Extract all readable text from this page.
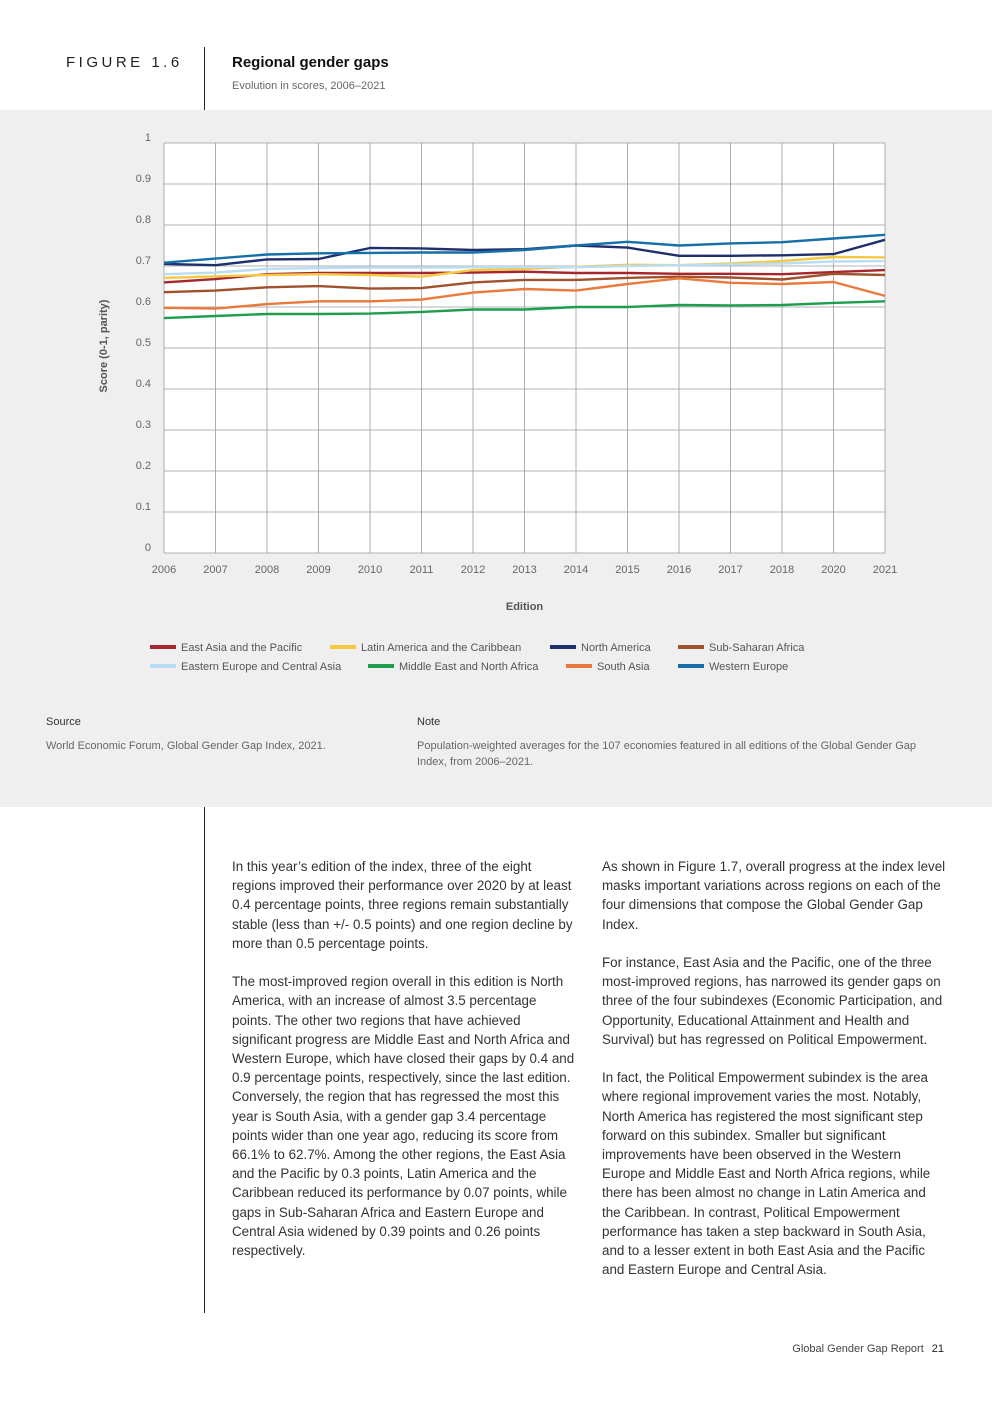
FIGURE 1.6	Regional gender gaps
Evolution in scores, 2006–2021
0
0.1
0.2
0.3
0.4
0.5
0.6
0.7
0.8
0.9
1
2006 2007 2008 2009 2010 2011 2012 2013 2014 2015 2016 2017 2018 2020 2021
Edition
Score (0-1, parity)
East Asia and the Pacific	Latin America and the Caribbean	North America	Sub-Saharan Africa
Eastern Europe and Central Asia	Middle East and North Africa	South Asia	Western Europe
Source
World Economic Forum, Global Gender Gap Index, 2021.
Note
Population-weighted averages for the 107 economies featured in all editions of the Global Gender Gap Index, from 2006–2021.

In this year’s edition of the index, three of the eight regions improved their performance over 2020 by at least 0.4 percentage points, three regions remain substantially stable (less than +/- 0.5 points) and one region decline by more than 0.5 percentage points.

The most-improved region overall in this edition is North America, with an increase of almost 3.5 percentage points. The other two regions that have achieved significant progress are Middle East and North Africa and Western Europe, which have closed their gaps by 0.4 and 0.9 percentage points, respectively, since the last edition. Conversely, the region that has regressed the most this year is South Asia, with a gender gap 3.4 percentage points wider than one year ago, reducing its score from 66.1% to 62.7%. Among the other regions, the East Asia and the Pacific by 0.3 points, Latin America and the Caribbean reduced its performance by 0.07 points, while gaps in Sub-Saharan Africa and Eastern Europe and Central Asia widened by 0.39 points and 0.26 points respectively.

As shown in Figure 1.7, overall progress at the index level masks important variations across regions on each of the four dimensions that compose the Global Gender Gap Index.

For instance, East Asia and the Pacific, one of the three most-improved regions, has narrowed its gender gaps on three of the four subindexes (Economic Participation, and Opportunity, Educational Attainment and Health and Survival) but has regressed on Political Empowerment.

In fact, the Political Empowerment subindex is the area where regional improvement varies the most. Notably, North America has registered the most significant step forward on this subindex. Smaller but significant improvements have been observed in the Western Europe and Middle East and North Africa regions, while there has been almost no change in Latin America and the Caribbean. In contrast, Political Empowerment performance has taken a step backward in South Asia, and to a lesser extent in both East Asia and the Pacific and Eastern Europe and Central Asia.

Global Gender Gap Report 21
